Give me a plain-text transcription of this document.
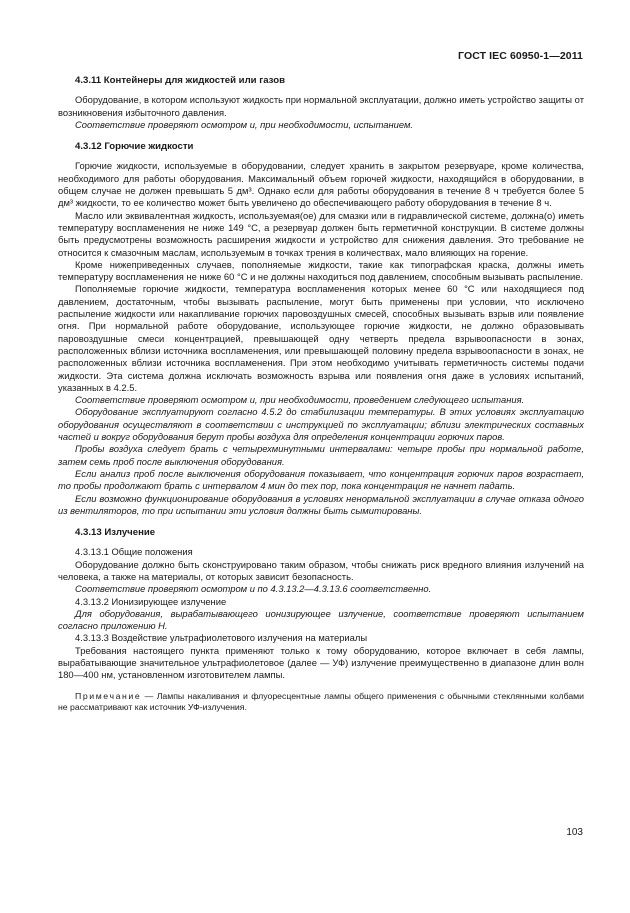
ГОСТ IEC 60950-1—2011

4.3.11 Контейнеры для жидкостей или газов

Оборудование, в котором используют жидкость при нормальной эксплуатации, должно иметь устройство защиты от возникновения избыточного давления.

Соответствие проверяют осмотром и, при необходимости, испытанием.

4.3.12 Горючие жидкости

Горючие жидкости, используемые в оборудовании, следует хранить в закрытом резервуаре, кроме количества, необходимого для работы оборудования. Максимальный объем горючей жидкости, находящийся в оборудовании, в общем случае не должен превышать 5 дм³. Однако если для работы оборудования в течение 8 ч требуется более 5 дм³ жидкости, то ее количество может быть увеличено до обеспечивающего работу оборудования в течение 8 ч.

Масло или эквивалентная жидкость, используемая(ое) для смазки или в гидравлической системе, должна(о) иметь температуру воспламенения не ниже 149 °С, а резервуар должен быть герметичной конструкции. В системе должны быть предусмотрены возможность расширения жидкости и устройство для снижения давления. Это требование не относится к смазочным маслам, используемым в точках трения в количествах, мало влияющих на горение.

Кроме нижеприведенных случаев, пополняемые жидкости, такие как типографская краска, должны иметь температуру воспламенения не ниже 60 °С и не должны находиться под давлением, способным вызывать распыление.

Пополняемые горючие жидкости, температура воспламенения которых менее 60 °С или находящиеся под давлением, достаточным, чтобы вызывать распыление, могут быть применены при условии, что исключено распыление жидкости или накапливание горючих паровоздушных смесей, способных вызывать взрыв или появление огня. При нормальной работе оборудование, использующее горючие жидкости, не должно образовывать паровоздушные смеси концентрацией, превышающей одну четверть предела взрывоопасности в зонах, расположенных вблизи источника воспламенения, или превышающей половину предела взрывоопасности в зонах, не расположенных вблизи источника воспламенения. При этом необходимо учитывать герметичность системы подачи жидкости. Эта система должна исключать возможность взрыва или появления огня даже в условиях испытаний, указанных в 4.2.5.

Соответствие проверяют осмотром и, при необходимости, проведением следующего испытания.

Оборудование эксплуатируют согласно 4.5.2 до стабилизации температуры. В этих условиях эксплуатацию оборудования осуществляют в соответствии с инструкцией по эксплуатации; вблизи электрических составных частей и вокруг оборудования берут пробы воздуха для определения концентрации горючих паров.

Пробы воздуха следует брать с четырехминутными интервалами: четыре пробы при нормальной работе, затем семь проб после выключения оборудования.

Если анализ проб после выключения оборудования показывает, что концентрация горючих паров возрастает, то пробы продолжают брать с интервалом 4 мин до тех пор, пока концентрация не начнет падать.

Если возможно функционирование оборудования в условиях ненормальной эксплуатации в случае отказа одного из вентиляторов, то при испытании эти условия должны быть сымитированы.

4.3.13 Излучение

4.3.13.1 Общие положения

Оборудование должно быть сконструировано таким образом, чтобы снижать риск вредного влияния излучений на человека, а также на материалы, от которых зависит безопасность.

Соответствие проверяют осмотром и по 4.3.13.2—4.3.13.6 соответственно.

4.3.13.2 Ионизирующее излучение

Для оборудования, вырабатывающего ионизирующее излучение, соответствие проверяют испытанием согласно приложению Н.

4.3.13.3 Воздействие ультрафиолетового излучения на материалы

Требования настоящего пункта применяют только к тому оборудованию, которое включает в себя лампы, вырабатывающие значительное ультрафиолетовое (далее — УФ) излучение преимущественно в диапазоне длин волн 180—400 нм, установленном изготовителем лампы.

Примечание — Лампы накаливания и флуоресцентные лампы общего применения с обычными стеклянными колбами не рассматривают как источник УФ-излучения.

103
